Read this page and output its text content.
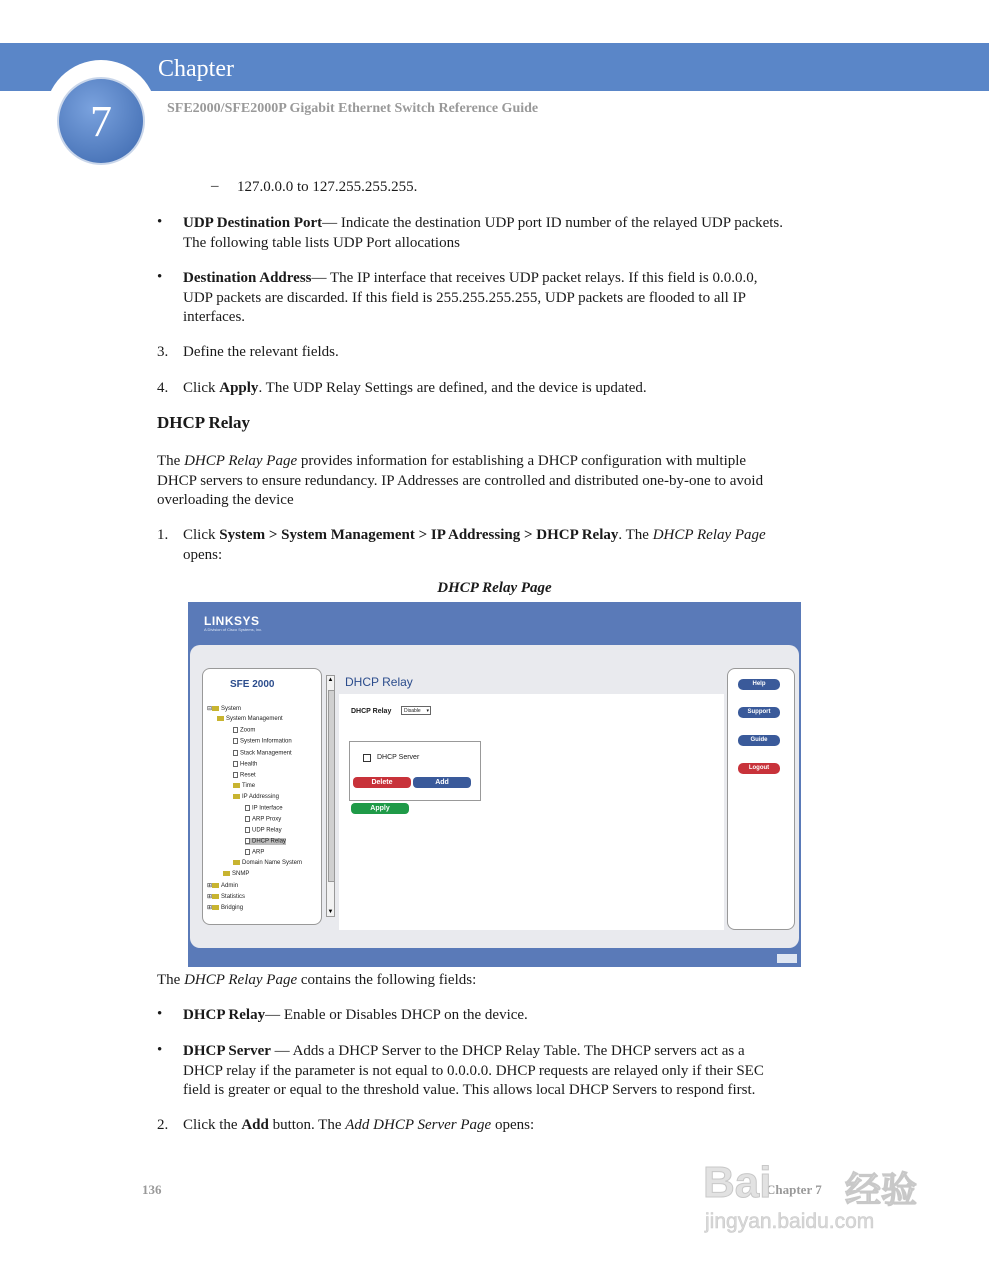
Chapter
7	SFE2000/SFE2000P Gigabit Ethernet Switch Reference Guide
– 127.0.0.0 to 127.255.255.255.
• UDP Destination Port— Indicate the destination UDP port ID number of the relayed UDP packets.
The following table lists UDP Port allocations
• Destination Address— The IP interface that receives UDP packet relays. If this field is 0.0.0.0,
UDP packets are discarded. If this field is 255.255.255.255, UDP packets are flooded to all IP
interfaces.
3. Define the relevant fields.
4. Click Apply. The UDP Relay Settings are defined, and the device is updated.
DHCP Relay
The DHCP Relay Page provides information for establishing a DHCP configuration with multiple
DHCP servers to ensure redundancy. IP Addresses are controlled and distributed one-by-one to avoid
overloading the device
1. Click System > System Management > IP Addressing > DHCP Relay. The DHCP Relay Page
opens:
DHCP Relay Page
LINKSYS
A Division of Cisco Systems, Inc.
SFE 2000
⊟ System
System Management
Zoom
System Information
Stack Management
Health
Reset
Time
IP Addressing
IP Interface
ARP Proxy
UDP Relay
DHCP Relay
ARP
Domain Name System
SNMP
⊞ Admin
⊞ Statistics
⊞ Bridging
▲
▼
DHCP Relay
DHCP Relay	Disable ▾
DHCP Server
Delete	Add
Apply
Help
Support
Guide
Logout
The DHCP Relay Page contains the following fields:
• DHCP Relay— Enable or Disables DHCP on the device.
• DHCP Server — Adds a DHCP Server to the DHCP Relay Table. The DHCP servers act as a
DHCP relay if the parameter is not equal to 0.0.0.0. DHCP requests are relayed only if their SEC
field is greater or equal to the threshold value. This allows local DHCP Servers to respond first.
2. Click the Add button. The Add DHCP Server Page opens:
136	Chapter 7
Bai 经验
jingyan.baidu.com
